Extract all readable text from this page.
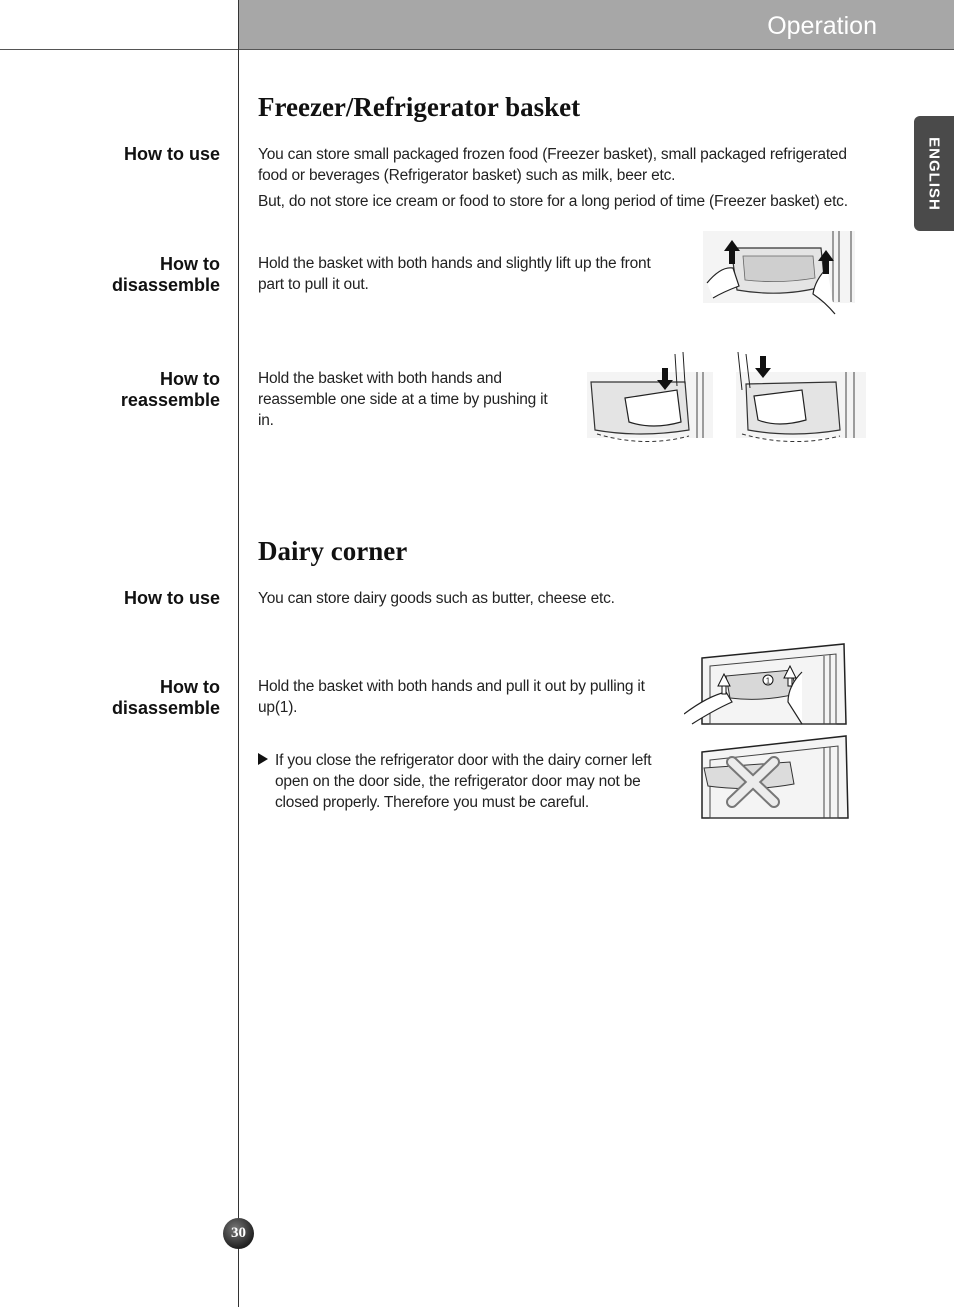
Operation
ENGLISH
Freezer/Refrigerator basket
How to use You can store small packaged frozen food (Freezer basket), small packaged refrigerated food or beverages (Refrigerator basket) such as milk, beer etc.
But, do not store ice cream or food to store for a long period of time (Freezer basket) etc.
How to
disassemble
Hold the basket with both hands and slightly lift up the front part to pull it out.
How to
reassemble
Hold the basket with both hands and reassemble one side at a time by pushing it in.
Dairy corner
How to use You can store dairy goods such as butter, cheese etc.
How to
disassemble
Hold the basket with both hands and pull it out by pulling it up(1).
1
If you close the refrigerator door with the dairy corner left open on the door side, the refrigerator door may not be closed properly. Therefore you must be careful.
30
